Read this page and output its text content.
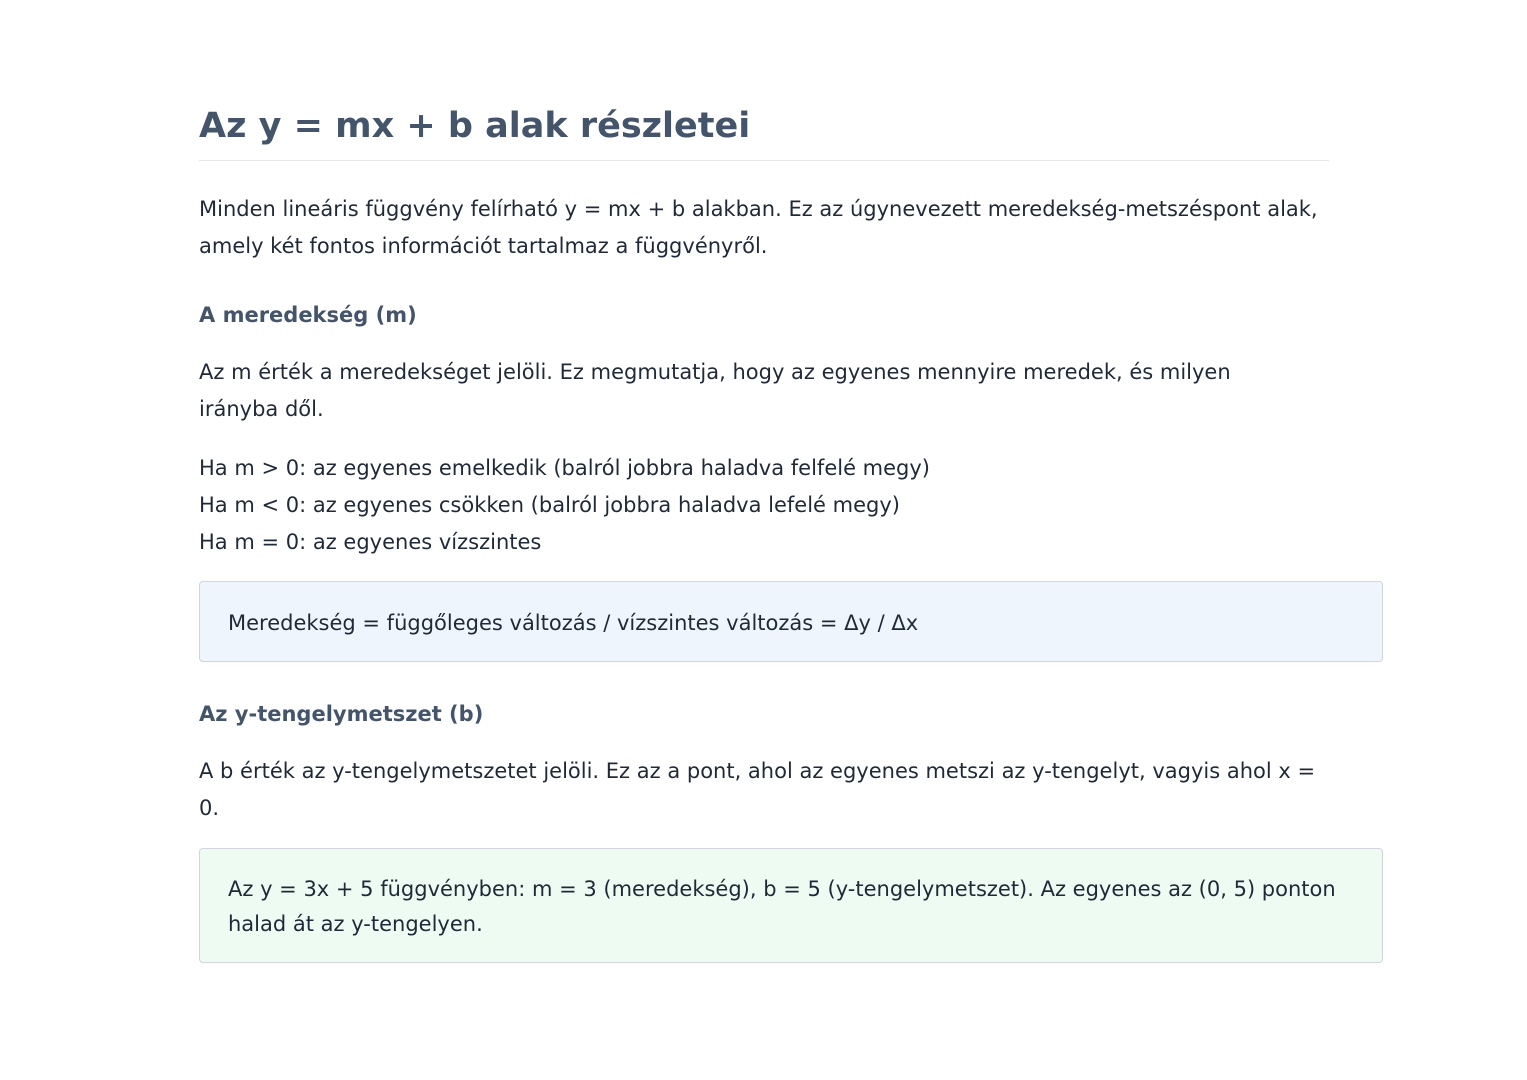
Az y = mx + b alak részletei

Minden lineáris függvény felírható y = mx + b alakban. Ez az úgynevezett meredekség-metszéspont alak, amely két fontos információt tartalmaz a függvényről.

A meredekség (m)

Az m érték a meredekséget jelöli. Ez megmutatja, hogy az egyenes mennyire meredek, és milyen irányba dől.

Ha m > 0: az egyenes emelkedik (balról jobbra haladva felfelé megy)
Ha m < 0: az egyenes csökken (balról jobbra haladva lefelé megy)
Ha m = 0: az egyenes vízszintes
Meredekség = függőleges változás / vízszintes változás = Δy / Δx
Az y-tengelymetszet (b)

A b érték az y-tengelymetszetet jelöli. Ez az a pont, ahol az egyenes metszi az y-tengelyt, vagyis ahol x = 0.

Az y = 3x + 5 függvényben: m = 3 (meredekség), b = 5 (y-tengelymetszet). Az egyenes az (0, 5) ponton halad át az y-tengelyen.
